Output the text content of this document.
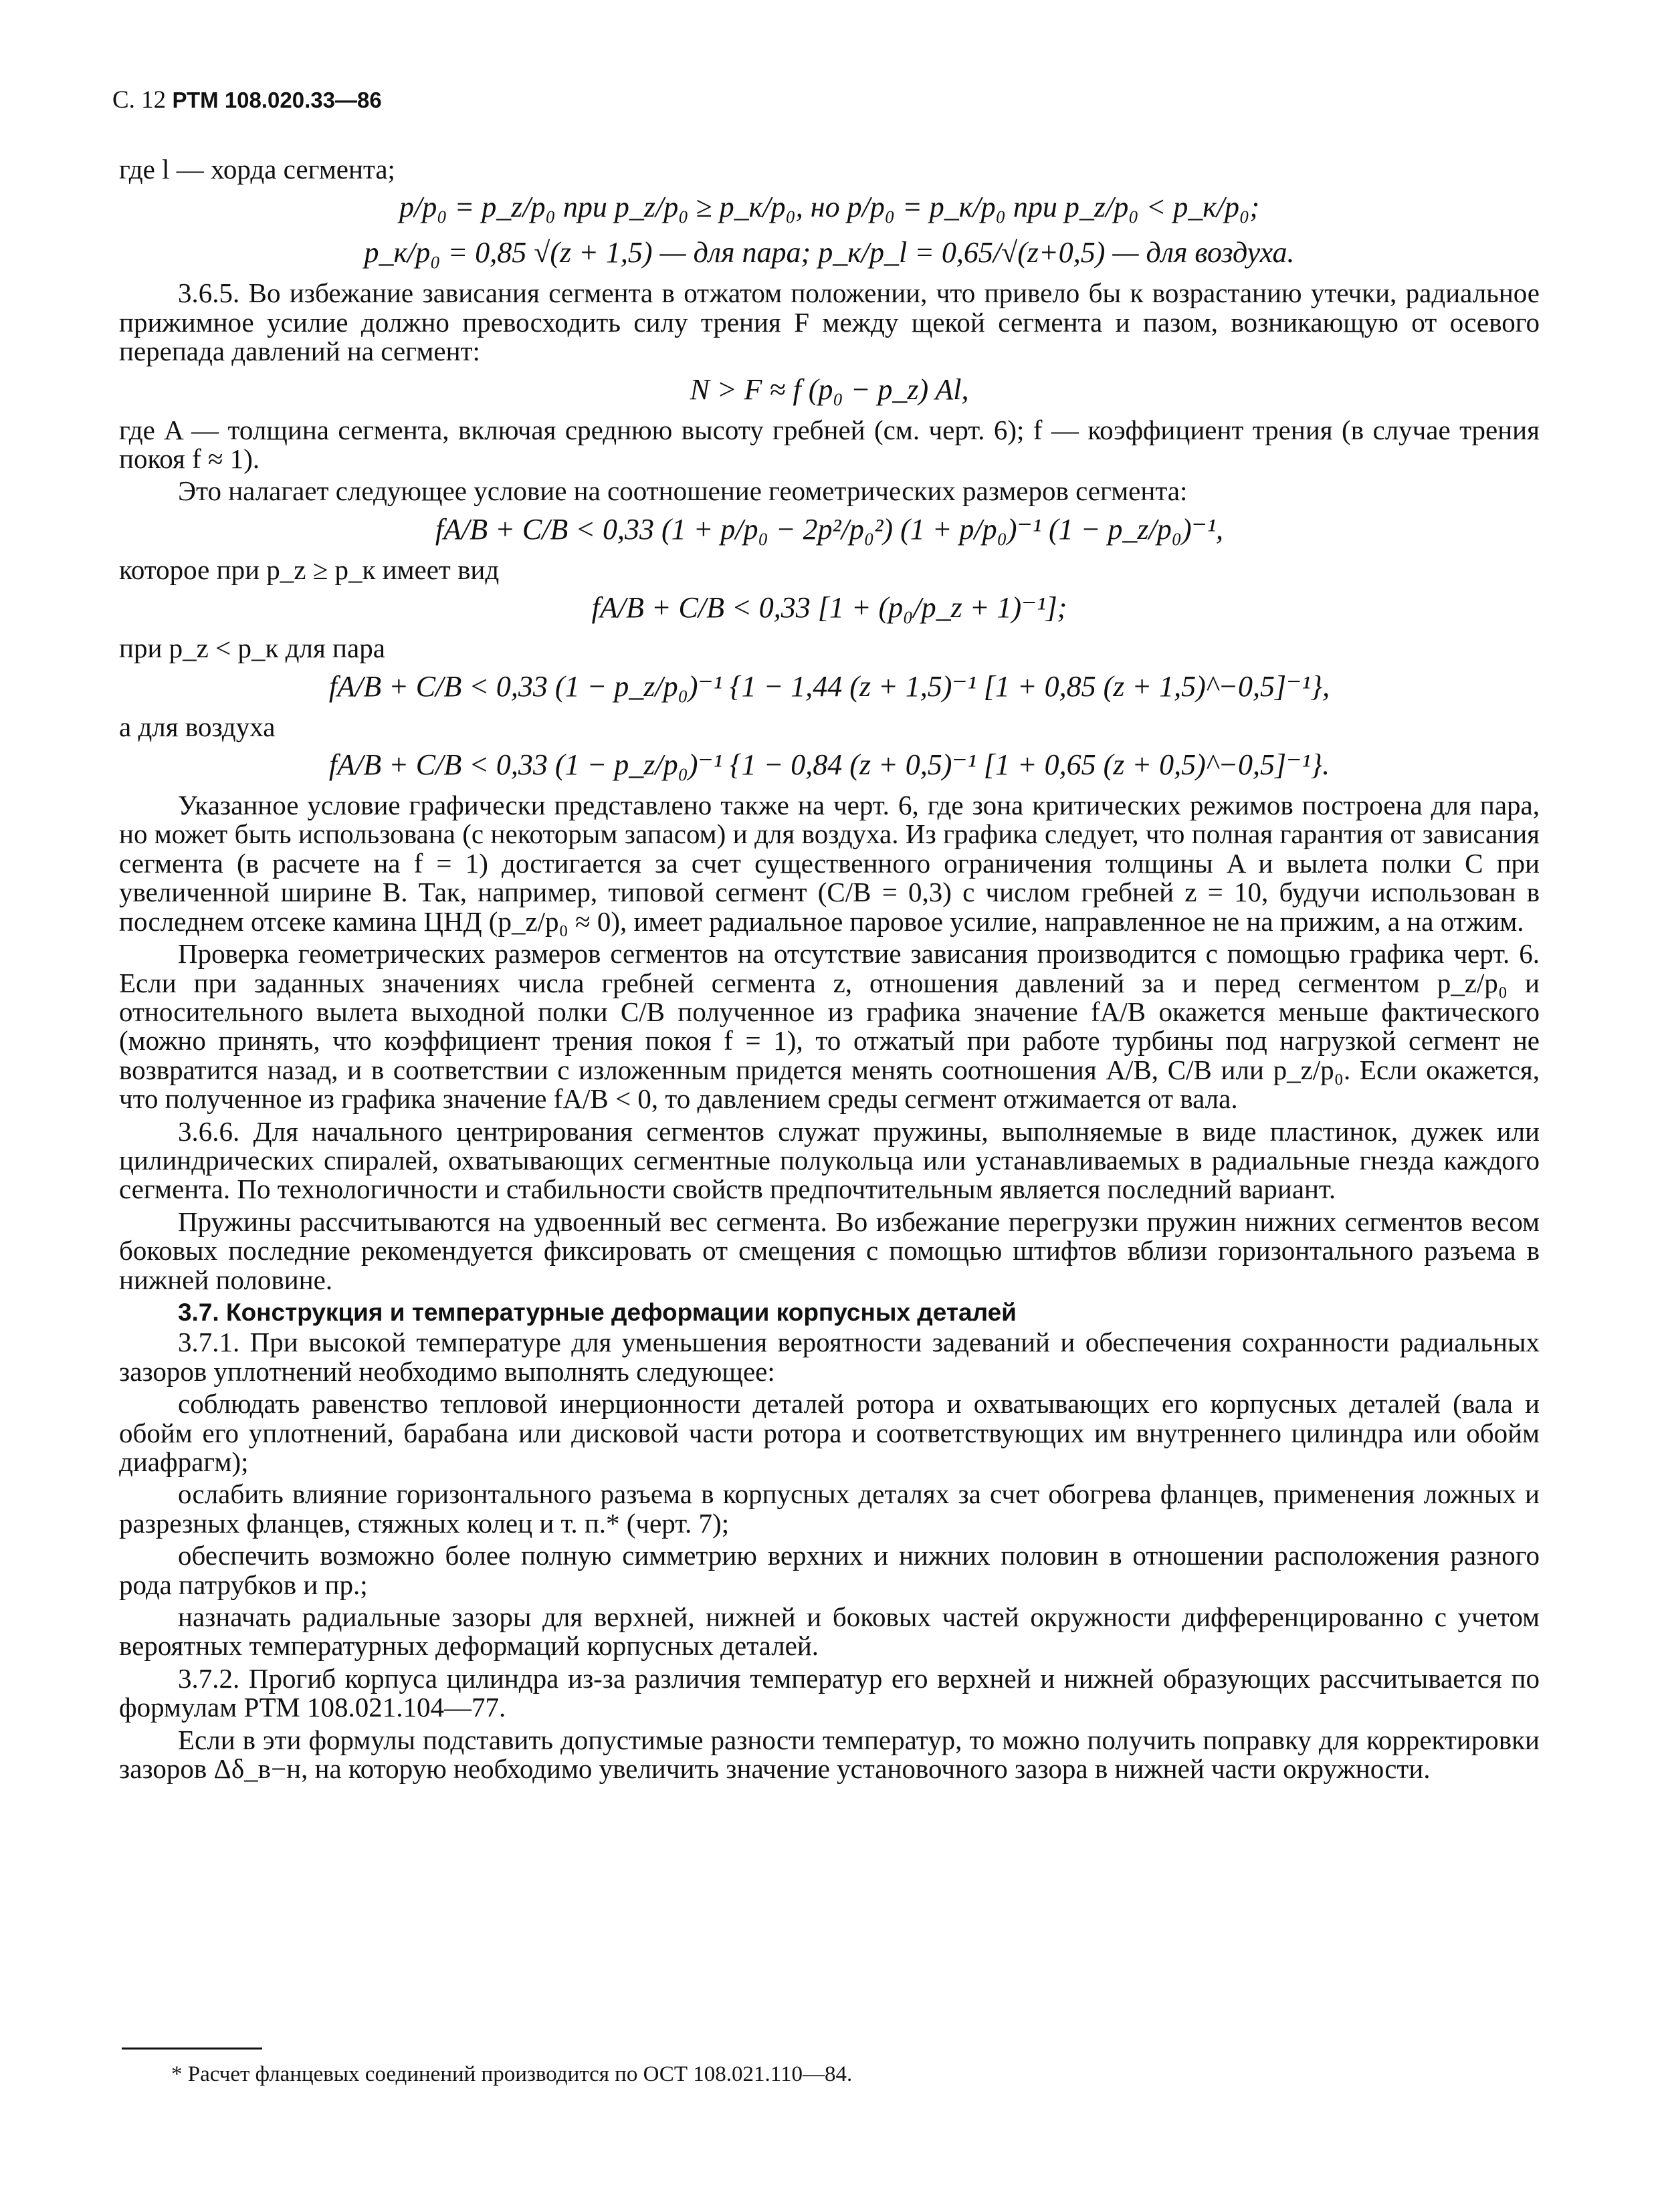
С. 12 РТМ 108.020.33—86
где l — хорда сегмента;
p/p₀ = p_z/p₀ при p_z/p₀ ≥ p_к/p₀, но p/p₀ = p_к/p₀ при p_z/p₀ < p_к/p₀;
p_к/p₀ = 0,85 √(z + 1,5) — для пара; p_к/p_l = 0,65/√(z+0,5) — для воздуха.
3.6.5. Во избежание зависания сегмента в отжатом положении, что привело бы к возрастанию утечки, радиальное прижимное усилие должно превосходить силу трения F между щекой сегмента и пазом, возникающую от осевого перепада давлений на сегмент:
N > F ≈ f (p₀ − p_z) Al,
где A — толщина сегмента, включая среднюю высоту гребней (см. черт. 6); f — коэффициент трения (в случае трения покоя f ≈ 1).
Это налагает следующее условие на соотношение геометрических размеров сегмента:
fA/B + C/B < 0,33 (1 + p/p₀ − 2p²/p₀²) (1 + p/p₀)⁻¹ (1 − p_z/p₀)⁻¹,
которое при p_z ≥ p_к имеет вид
fA/B + C/B < 0,33 [1 + (p₀/p_z + 1)⁻¹];
при p_z < p_к для пара
fA/B + C/B < 0,33 (1 − p_z/p₀)⁻¹ {1 − 1,44 (z + 1,5)⁻¹ [1 + 0,85 (z + 1,5)^−0,5]⁻¹},
а для воздуха
fA/B + C/B < 0,33 (1 − p_z/p₀)⁻¹ {1 − 0,84 (z + 0,5)⁻¹ [1 + 0,65 (z + 0,5)^−0,5]⁻¹}.
Указанное условие графически представлено также на черт. 6, где зона критических режимов построена для пара, но может быть использована (с некоторым запасом) и для воздуха. Из графика следует, что полная гарантия от зависания сегмента (в расчете на f = 1) достигается за счет существенного ограничения толщины A и вылета полки C при увеличенной ширине B. Так, например, типовой сегмент (C/B = 0,3) с числом гребней z = 10, будучи использован в последнем отсеке камина ЦНД (p_z/p₀ ≈ 0), имеет радиальное паровое усилие, направленное не на прижим, а на отжим.
Проверка геометрических размеров сегментов на отсутствие зависания производится с помощью графика черт. 6. Если при заданных значениях числа гребней сегмента z, отношения давлений за и перед сегментом p_z/p₀ и относительного вылета выходной полки C/B полученное из графика значение fA/B окажется меньше фактического (можно принять, что коэффициент трения покоя f = 1), то отжатый при работе турбины под нагрузкой сегмент не возвратится назад, и в соответствии с изложенным придется менять соотношения A/B, C/B или p_z/p₀. Если окажется, что полученное из графика значение fA/B < 0, то давлением среды сегмент отжимается от вала.
3.6.6. Для начального центрирования сегментов служат пружины, выполняемые в виде пластинок, дужек или цилиндрических спиралей, охватывающих сегментные полукольца или устанавливаемых в радиальные гнезда каждого сегмента. По технологичности и стабильности свойств предпочтительным является последний вариант.
Пружины рассчитываются на удвоенный вес сегмента. Во избежание перегрузки пружин нижних сегментов весом боковых последние рекомендуется фиксировать от смещения с помощью штифтов вблизи горизонтального разъема в нижней половине.
3.7. Конструкция и температурные деформации корпусных деталей
3.7.1. При высокой температуре для уменьшения вероятности задеваний и обеспечения сохранности радиальных зазоров уплотнений необходимо выполнять следующее:
соблюдать равенство тепловой инерционности деталей ротора и охватывающих его корпусных деталей (вала и обойм его уплотнений, барабана или дисковой части ротора и соответствующих им внутреннего цилиндра или обойм диафрагм);
ослабить влияние горизонтального разъема в корпусных деталях за счет обогрева фланцев, применения ложных и разрезных фланцев, стяжных колец и т. п.* (черт. 7);
обеспечить возможно более полную симметрию верхних и нижних половин в отношении расположения разного рода патрубков и пр.;
назначать радиальные зазоры для верхней, нижней и боковых частей окружности дифференцированно с учетом вероятных температурных деформаций корпусных деталей.
3.7.2. Прогиб корпуса цилиндра из-за различия температур его верхней и нижней образующих рассчитывается по формулам РТМ 108.021.104—77.
Если в эти формулы подставить допустимые разности температур, то можно получить поправку для корректировки зазоров Δδ_в−н, на которую необходимо увеличить значение установочного зазора в нижней части окружности.
* Расчет фланцевых соединений производится по ОСТ 108.021.110—84.
